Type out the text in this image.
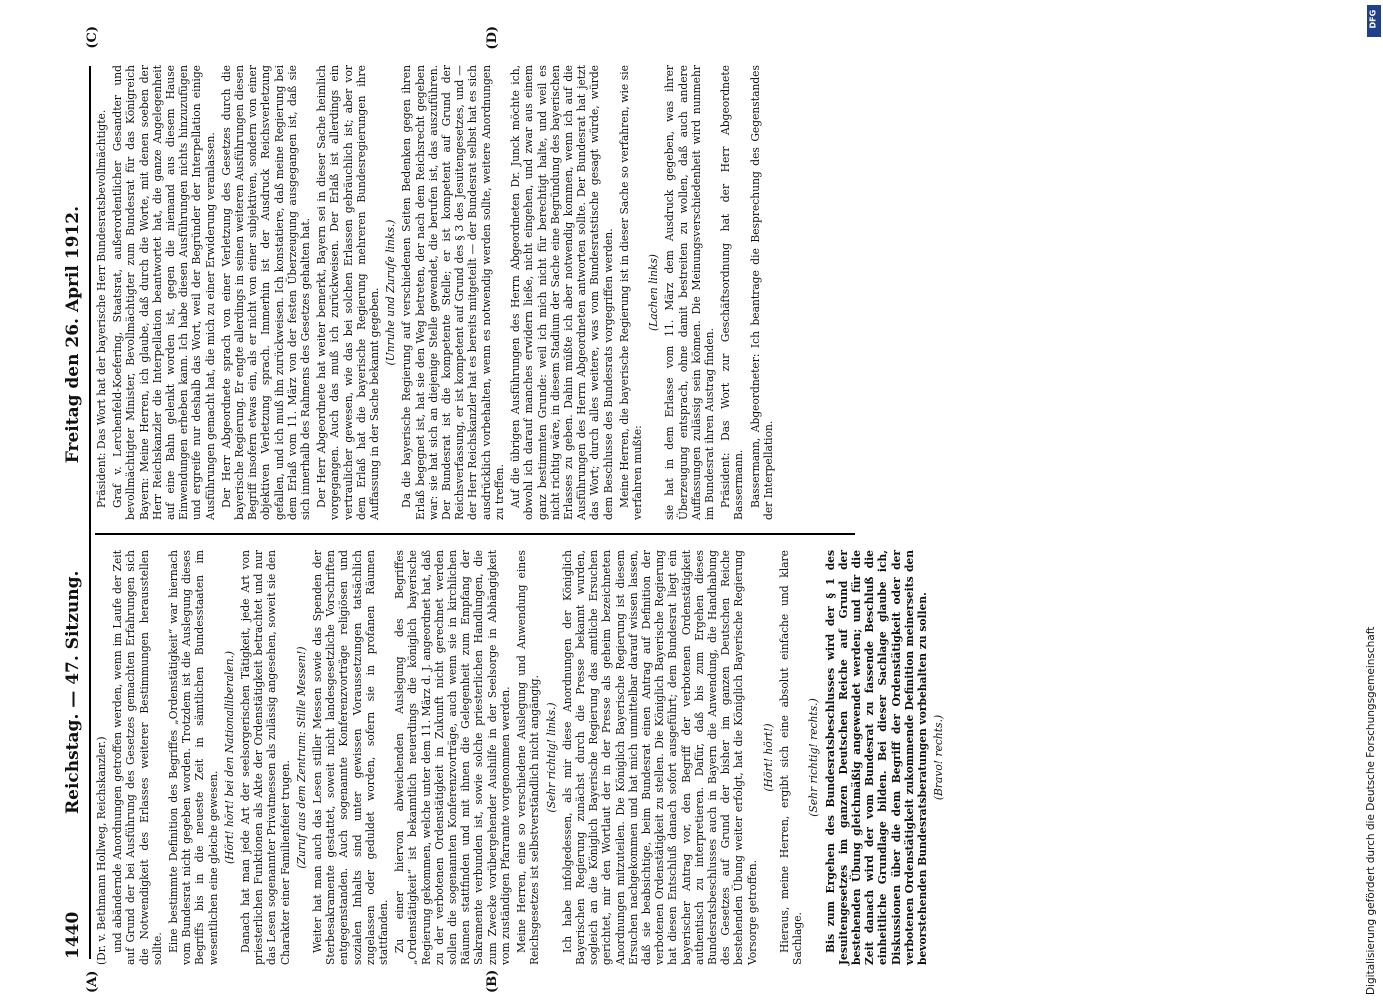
1440
Reichstag. — 47. Sitzung.
Freitag den 26. April 1912.
(A)	(B)
(C)	(D)

(Dr. v. Bethmann Hollweg, Reichskanzler.) und abändernde Anordnungen getroffen werden, wenn im Laufe der Zeit auf Grund der bei Ausführung des Gesetzes gemachten Erfahrungen sich die Notwendigkeit des Erlasses weiterer Bestimmungen herausstellen sollte. Eine bestimmte Definition des Begriffes „Ordenstätigkeit“ war hiernach vom Bundesrat nicht gegeben worden. Trotzdem ist die Auslegung dieses Begriffs bis in die neueste Zeit in sämtlichen Bundesstaaten im wesentlichen eine gleiche gewesen.

(Hört! hört! bei den Nationalliberalen.) Danach hat man jede Art der seelsorgerischen Tätigkeit, jede Art von priesterlichen Funktionen als Akte der Ordenstätigkeit betrachtet und nur das Lesen sogenannter Privatmessen als zulässig angesehen, soweit sie den Charakter einer Familienfeier trugen. (Zuruf aus dem Zentrum: Stille Messen!) Weiter hat man auch das Lesen stiller Messen sowie das Spenden der Sterbesakramente gestattet, soweit nicht landesgesetzliche Vorschriften entgegenstanden. Auch sogenannte Konferenzvorträge religiösen und sozialen Inhalts sind unter gewissen Voraussetzungen tatsächlich zugelassen oder geduldet worden, sofern sie in profanen Räumen stattfanden. Zu einer hiervon abweichenden Auslegung des Begriffes „Ordenstätigkeit“ ist bekanntlich neuerdings die königlich bayerische Regierung gekommen, welche unter dem 11. März d. J. angeordnet hat, daß zu der verbotenen Ordenstätigkeit in Zukunft nicht gerechnet werden sollen die sogenannten Konferenzvorträge, auch wenn sie in kirchlichen Räumen stattfinden und mit ihnen die Gelegenheit zum Empfang der Sakramente verbunden ist, sowie solche priesterlichen Handlungen, die zum Zwecke vorübergehender Aushilfe in der Seelsorge in Abhängigkeit vom zuständigen Pfarramte vorgenommen werden. Meine Herren, eine so verschiedene Auslegung und Anwendung eines Reichsgesetzes ist selbstverständlich nicht angängig. (Sehr richtig! links.) Ich habe infolgedessen, als mir diese Anordnungen der Königlich Bayerischen Regierung zunächst durch die Presse bekannt wurden, sogleich an die Königlich Bayerische Regierung das amtliche Ersuchen gerichtet, mir den Wortlaut der in der Presse als geheim bezeichneten Anordnungen mitzuteilen. Die Königlich Bayerische Regierung ist diesem Ersuchen nachgekommen und hat mich unmittelbar darauf wissen lassen, daß sie beabsichtige, beim Bundesrat einen Antrag auf Definition der verbotenen Ordenstätigkeit zu stellen. Die Königlich Bayerische Regierung hat diesen Entschluß danach sofort ausgeführt; dem Bundesrat liegt ein bayerischer Antrag vor, den Begriff der verbotenen Ordenstätigkeit authentisch zu interpretieren. Dafür, daß bis zum Ergehen dieses Bundesratsbeschlusses auch in Bayern die Anwendung, die Handhabung des Gesetzes auf Grund der bisher im ganzen Deutschen Reiche bestehenden Übung weiter erfolgt, hat die Königlich Bayerische Regierung Vorsorge getroffen.

(Hört! hört!) Hieraus, meine Herren, ergibt sich eine absolut einfache und klare Sachlage.

(Sehr richtig! rechts.) Bis zum Ergehen des Bundesratsbeschlusses wird der § 1 des Jesuitengesetzes im ganzen Deutschen Reiche auf Grund der bestehenden Übung gleichmäßig angewendet werden; und für die Zeit danach wird der vom Bundesrat zu fassende Beschluß die einheitliche Grundlage bilden. Bei dieser Sachlage glaube ich, Diskussionen über die dem Begriff der Ordenstätigkeit oder der verbotenen Ordenstätigkeit zukommende Definition meinerseits den bevorstehenden Bundesratsberatungen vorbehalten zu sollen. (Bravo! rechts.)

Präsident: Das Wort hat der bayerische Herr Bundesratsbevollmächtigte. Graf v. Lerchenfeld-Koefering, Staatsrat, außerordentlicher Gesandter und bevollmächtigter Minister, Bevollmächtigter zum Bundesrat für das Königreich Bayern: Meine Herren, ich glaube, daß durch die Worte, mit denen soeben der Herr Reichskanzler die Interpellation beantwortet hat, die ganze Angelegenheit auf eine Bahn gelenkt worden ist, gegen die niemand aus diesem Hause Einwendungen erheben kann. Ich habe diesen Ausführungen nichts hinzuzufügen und ergreife nur deshalb das Wort, weil der Begründer der Interpellation einige Ausführungen gemacht hat, die mich zu einer Erwiderung veranlassen. Der Herr Abgeordnete sprach von einer Verletzung des Gesetzes durch die bayerische Regierung. Er engte allerdings in seinen weiteren Ausführungen diesen Begriff insofern etwas ein, als er nicht von einer subjektiven, sondern von einer objektiven Verletzung sprach. Immerhin ist der Ausdruck Reichsverletzung gefallen, und ich muß ihn zurückweisen. Ich konstatiere, daß meine Regierung bei dem Erlaß vom 11. März von der festen Überzeugung ausgegangen ist, daß sie sich innerhalb des Rahmens des Gesetzes gehalten hat. Der Herr Abgeordnete hat weiter bemerkt, Bayern sei in dieser Sache heimlich vorgegangen. Auch das muß ich zurückweisen. Der Erlaß ist allerdings ein vertraulicher gewesen, wie das bei solchen Erlassen gebräuchlich ist; aber vor dem Erlaß hat die bayerische Regierung mehreren Bundesregierungen ihre Auffassung in der Sache bekannt gegeben. (Unruhe und Zurufe links.) Da die bayerische Regierung auf verschiedenen Seiten Bedenken gegen ihren Erlaß begegnet ist, hat sie den Weg betreten, der nach dem Reichsrecht gegeben war: sie hat sich an diejenige Stelle gewendet, die berufen ist, das auszuführen. Der Bundesrat ist die kompetente Stelle; er ist kompetent auf Grund der Reichsverfassung, er ist kompetent auf Grund des § 3 des Jesuitengesetzes, und — der Herr Reichskanzler hat es bereits mitgeteilt — der Bundesrat selbst hat es sich ausdrücklich vorbehalten, wenn es notwendig werden sollte, weitere Anordnungen zu treffen. Auf die übrigen Ausführungen des Herrn Abgeordneten Dr. Junck möchte ich, obwohl ich darauf manches erwidern ließe, nicht eingehen, und zwar aus einem ganz bestimmten Grunde: weil ich mich nicht für berechtigt halte, und weil es nicht richtig wäre, in diesem Stadium der Sache eine Begründung des bayerischen Erlasses zu geben. Dahin müßte ich aber notwendig kommen, wenn ich auf die Ausführungen des Herrn Abgeordneten antworten sollte. Der Bundesrat hat jetzt das Wort; durch alles weitere, was vom Bundesratstische gesagt würde, würde dem Beschlusse des Bundesrats vorgegriffen werden. Meine Herren, die bayerische Regierung ist in dieser Sache so verfahren, wie sie verfahren mußte:

(Lachen links) sie hat in dem Erlasse vom 11. März dem Ausdruck gegeben, was ihrer Überzeugung entsprach, ohne damit bestreiten zu wollen, daß auch andere Auffassungen zulässig sein können. Die Meinungsverschiedenheit wird nunmehr im Bundesrat ihren Austrag finden. Präsident: Das Wort zur Geschäftsordnung hat der Herr Abgeordnete Bassermann. Bassermann, Abgeordneter: Ich beantrage die Besprechung des Gegenstandes der Interpellation.

DFG
Digitalisierung gefördert durch die Deutsche Forschungsgemeinschaft
